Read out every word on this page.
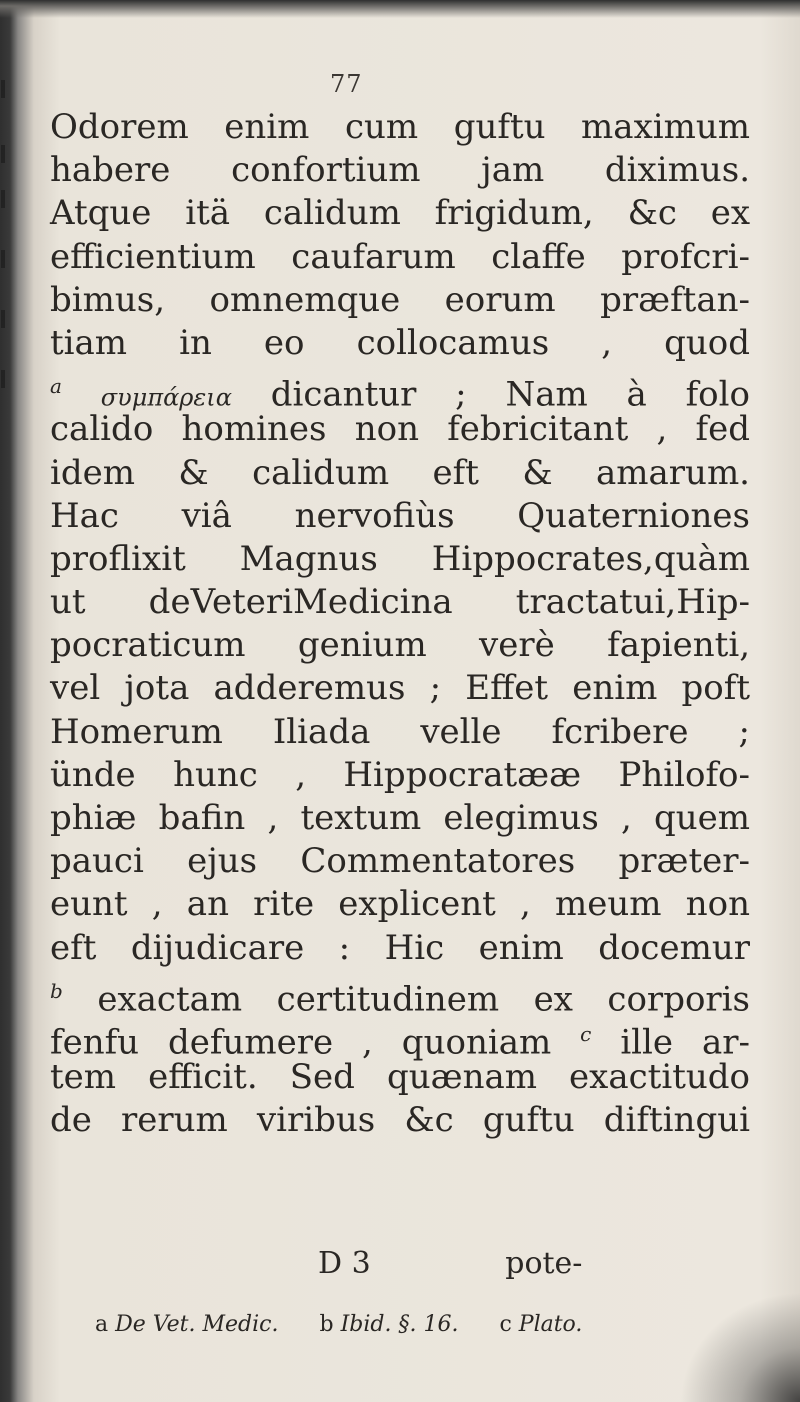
77
Odorem enim cum guftu maximum
habere confortium jam diximus.
Atque itä calidum frigidum, &c ex
efficientium caufarum claffe profcri-
bimus, omnemque eorum præftan-
tiam in eo collocamus , quod
$^a$ συμπάρεια dicantur ; Nam à folo
calido homines non febricitant , fed
idem & calidum eft & amarum.
Hac viâ nervofiùs Quaterniones
proflixit Magnus Hippocrates,quàm
ut deVeteriMedicina tractatui,Hip-
pocraticum genium verè fapienti,
vel jota adderemus ; Effet enim poft
Homerum Iliada velle fcribere ;
ünde hunc , Hippocratææ Philofo-
phiæ bafin , textum elegimus , quem
pauci ejus Commentatores præter-
eunt , an rite explicent , meum non
eft dijudicare : Hic enim docemur
$^b$ exactam certitudinem ex corporis
fenfu defumere , quoniam $^c$ ille ar-
tem efficit. Sed quænam exactitudo
de rerum viribus &c guftu diftingui
D 3	pote-
a De Vet. Medic. b Ibid. §. 16. c Plato.
